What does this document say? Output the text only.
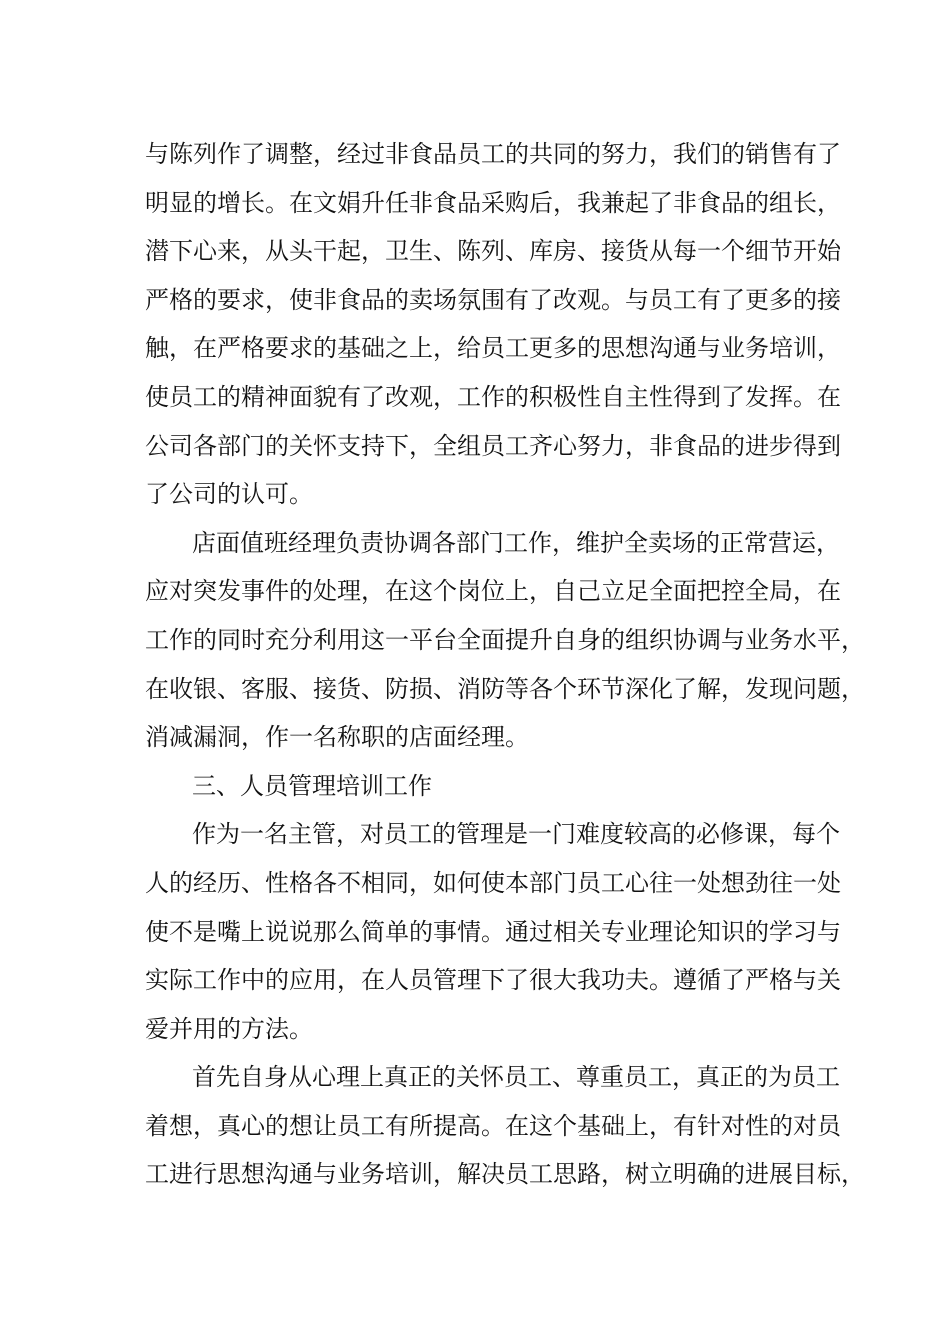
与陈列作了调整，经过非食品员工的共同的努力，我们的销售有了
明显的增长。在文娟升任非食品采购后，我兼起了非食品的组长，
潜下心来，从头干起，卫生、陈列、库房、接货从每一个细节开始
严格的要求，使非食品的卖场氛围有了改观。与员工有了更多的接
触，在严格要求的基础之上，给员工更多的思想沟通与业务培训，
使员工的精神面貌有了改观，工作的积极性自主性得到了发挥。在
公司各部门的关怀支持下，全组员工齐心努力，非食品的进步得到
了公司的认可。
店面值班经理负责协调各部门工作，维护全卖场的正常营运，
应对突发事件的处理，在这个岗位上，自己立足全面把控全局，在
工作的同时充分利用这一平台全面提升自身的组织协调与业务水平，
在收银、客服、接货、防损、消防等各个环节深化了解，发现问题，
消减漏洞，作一名称职的店面经理。
三、人员管理培训工作
作为一名主管，对员工的管理是一门难度较高的必修课，每个
人的经历、性格各不相同，如何使本部门员工心往一处想劲往一处
使不是嘴上说说那么简单的事情。通过相关专业理论知识的学习与
实际工作中的应用，在人员管理下了很大我功夫。遵循了严格与关
爱并用的方法。
首先自身从心理上真正的关怀员工、尊重员工，真正的为员工
着想，真心的想让员工有所提高。在这个基础上，有针对性的对员
工进行思想沟通与业务培训，解决员工思路，树立明确的进展目标，
